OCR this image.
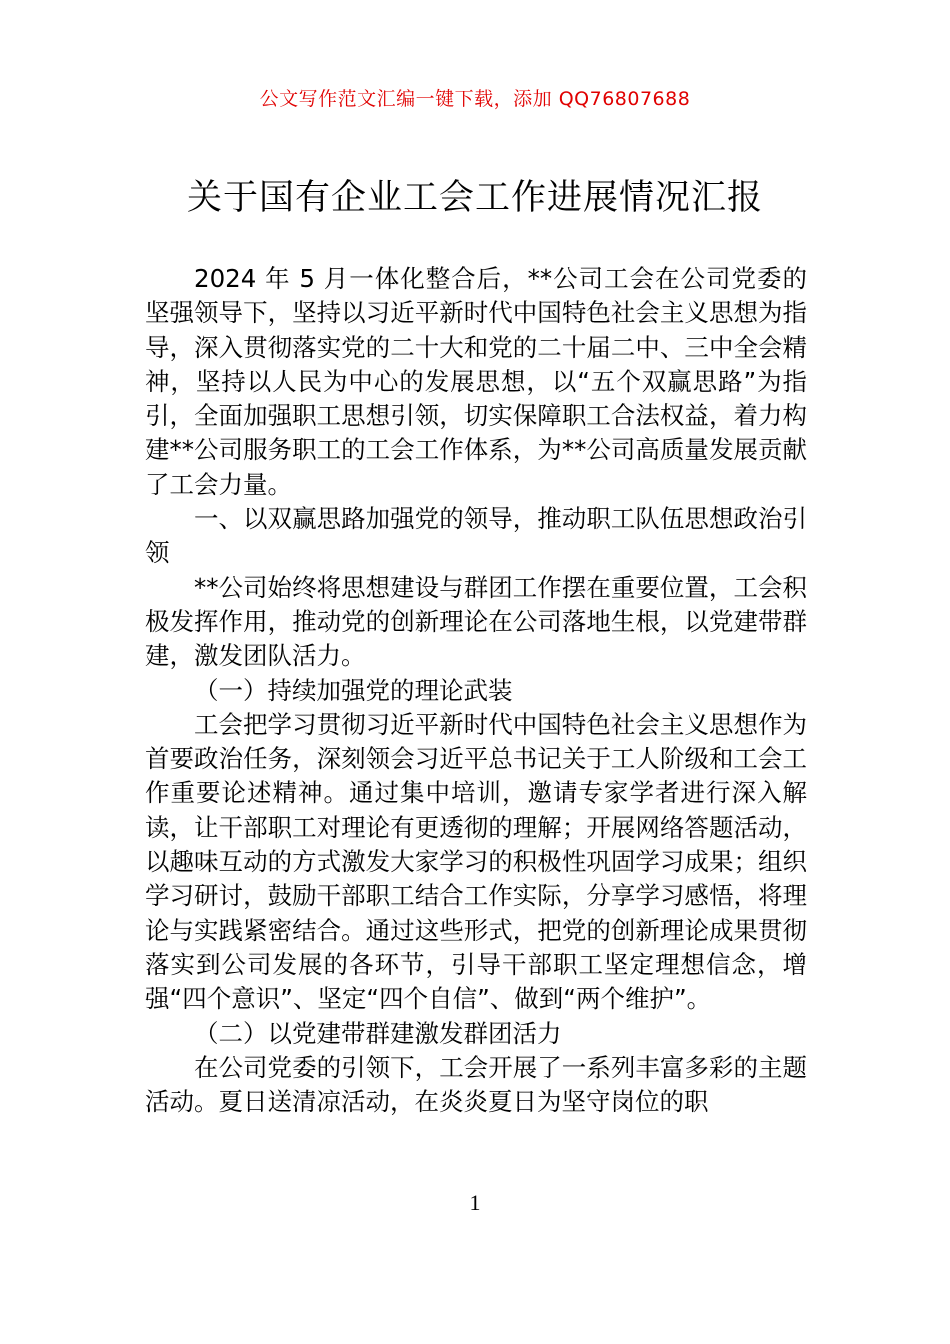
公文写作范文汇编一键下载，添加 QQ76807688
关于国有企业工会工作进展情况汇报

2024 年 5 月一体化整合后，**公司工会在公司党委的坚强领导下，坚持以习近平新时代中国特色社会主义思想为指导，深入贯彻落实党的二十大和党的二十届二中、三中全会精神，坚持以人民为中心的发展思想，以“五个双赢思路”为指引，全面加强职工思想引领，切实保障职工合法权益，着力构建**公司服务职工的工会工作体系，为**公司高质量发展贡献了工会力量。

一、以双赢思路加强党的领导，推动职工队伍思想政治引领

**公司始终将思想建设与群团工作摆在重要位置，工会积极发挥作用，推动党的创新理论在公司落地生根，以党建带群建，激发团队活力。

（一）持续加强党的理论武装

工会把学习贯彻习近平新时代中国特色社会主义思想作为首要政治任务，深刻领会习近平总书记关于工人阶级和工会工作重要论述精神。通过集中培训，邀请专家学者进行深入解读，让干部职工对理论有更透彻的理解；开展网络答题活动，以趣味互动的方式激发大家学习的积极性巩固学习成果；组织学习研讨，鼓励干部职工结合工作实际，分享学习感悟，将理论与实践紧密结合。通过这些形式，把党的创新理论成果贯彻落实到公司发展的各环节，引导干部职工坚定理想信念，增强“四个意识”、坚定“四个自信”、做到“两个维护”。

（二）以党建带群建激发群团活力

在公司党委的引领下，工会开展了一系列丰富多彩的主题活动。夏日送清凉活动，在炎炎夏日为坚守岗位的职

1
